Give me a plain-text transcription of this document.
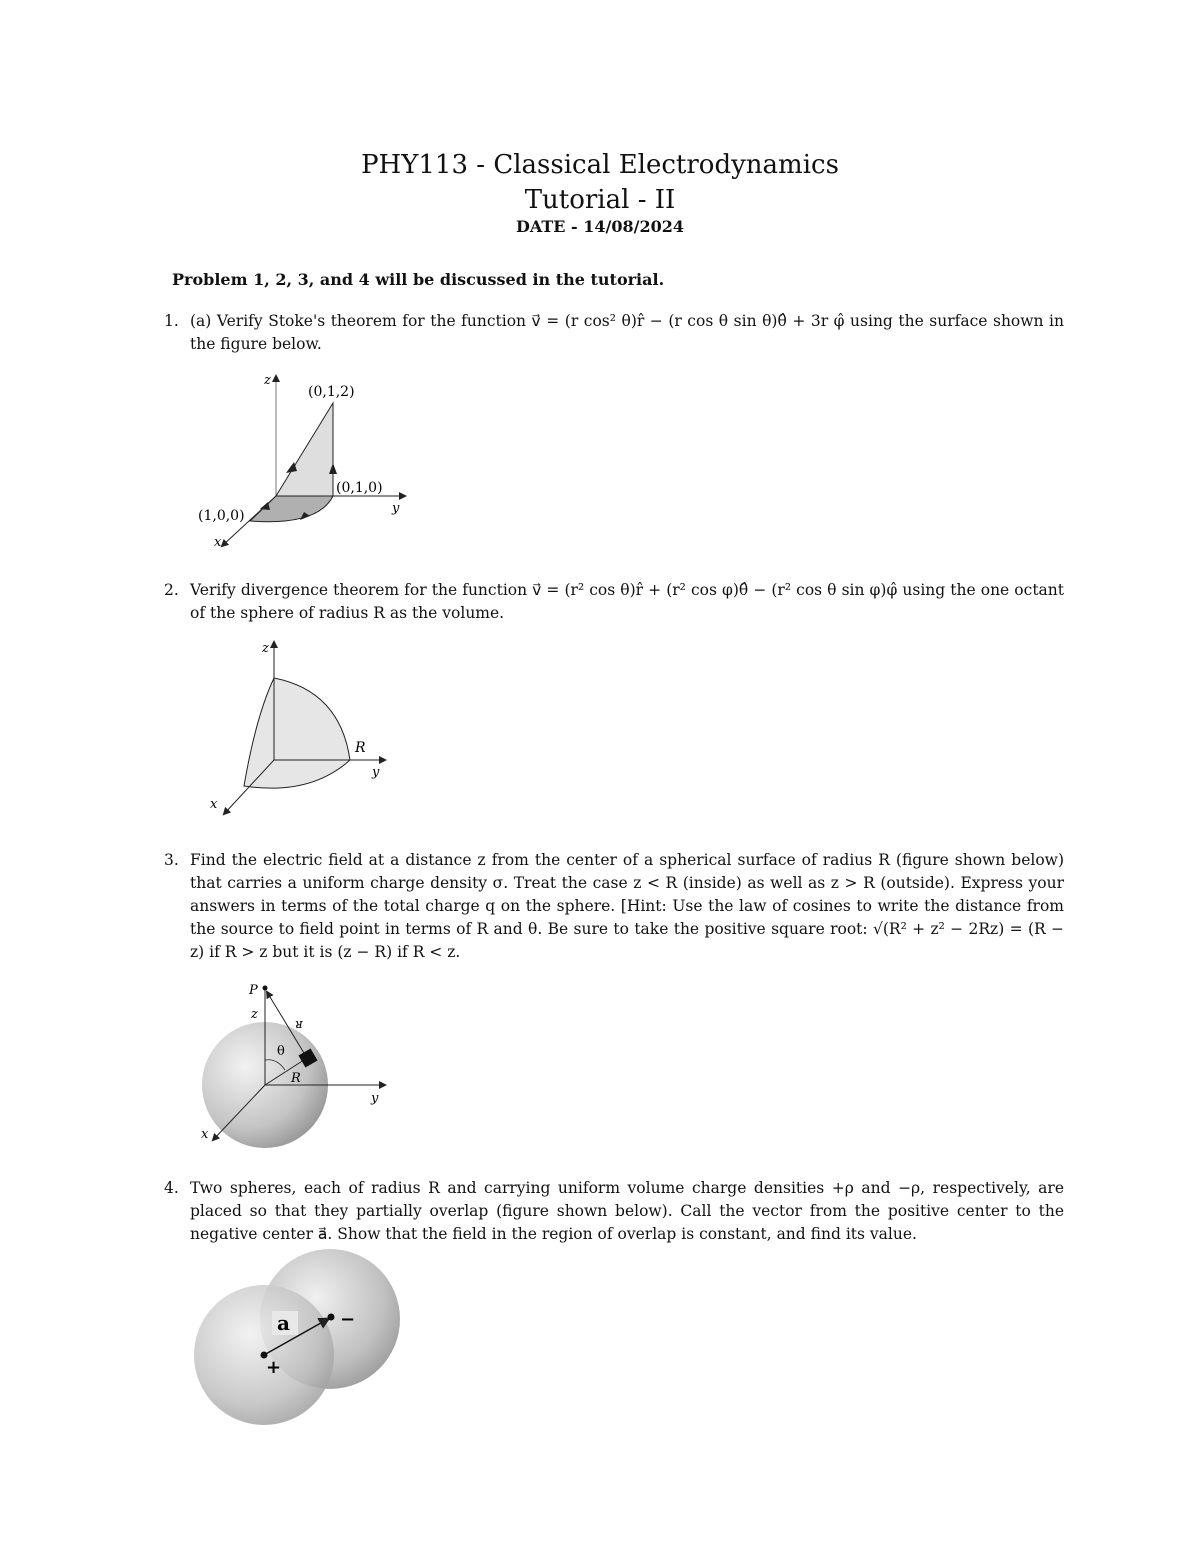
PHY113 - Classical Electrodynamics
Tutorial - II
DATE - 14/08/2024
Problem 1, 2, 3, and 4 will be discussed in the tutorial.
1. (a) Verify Stoke's theorem for the function v⃗ = (r cos² θ)r̂ − (r cos θ sin θ)θ̂ + 3r φ̂ using the surface shown in the figure below.

z
y
x
(0,1,2)
(0,1,0)
(1,0,0)
2. Verify divergence theorem for the function v⃗ = (r² cos θ)r̂ + (r² cos φ)θ̂ − (r² cos θ sin φ)φ̂ using the one octant of the sphere of radius R as the volume.

z
y
x
R
3. Find the electric field at a distance z from the center of a spherical surface of radius R (figure shown below) that carries a uniform charge density σ. Treat the case z < R (inside) as well as z > R (outside). Express your answers in terms of the total charge q on the sphere. [Hint: Use the law of cosines to write the distance from the source to field point in terms of R and θ. Be sure to take the positive square root: √(R² + z² − 2Rz) = (R − z) if R > z but it is (z − R) if R < z.

P
z
θ
R
ᴚ
y
x
4. Two spheres, each of radius R and carrying uniform volume charge densities +ρ and −ρ, respectively, are placed so that they partially overlap (figure shown below). Call the vector from the positive center to the negative center a⃗. Show that the field in the region of overlap is constant, and find its value.

a
+
−
